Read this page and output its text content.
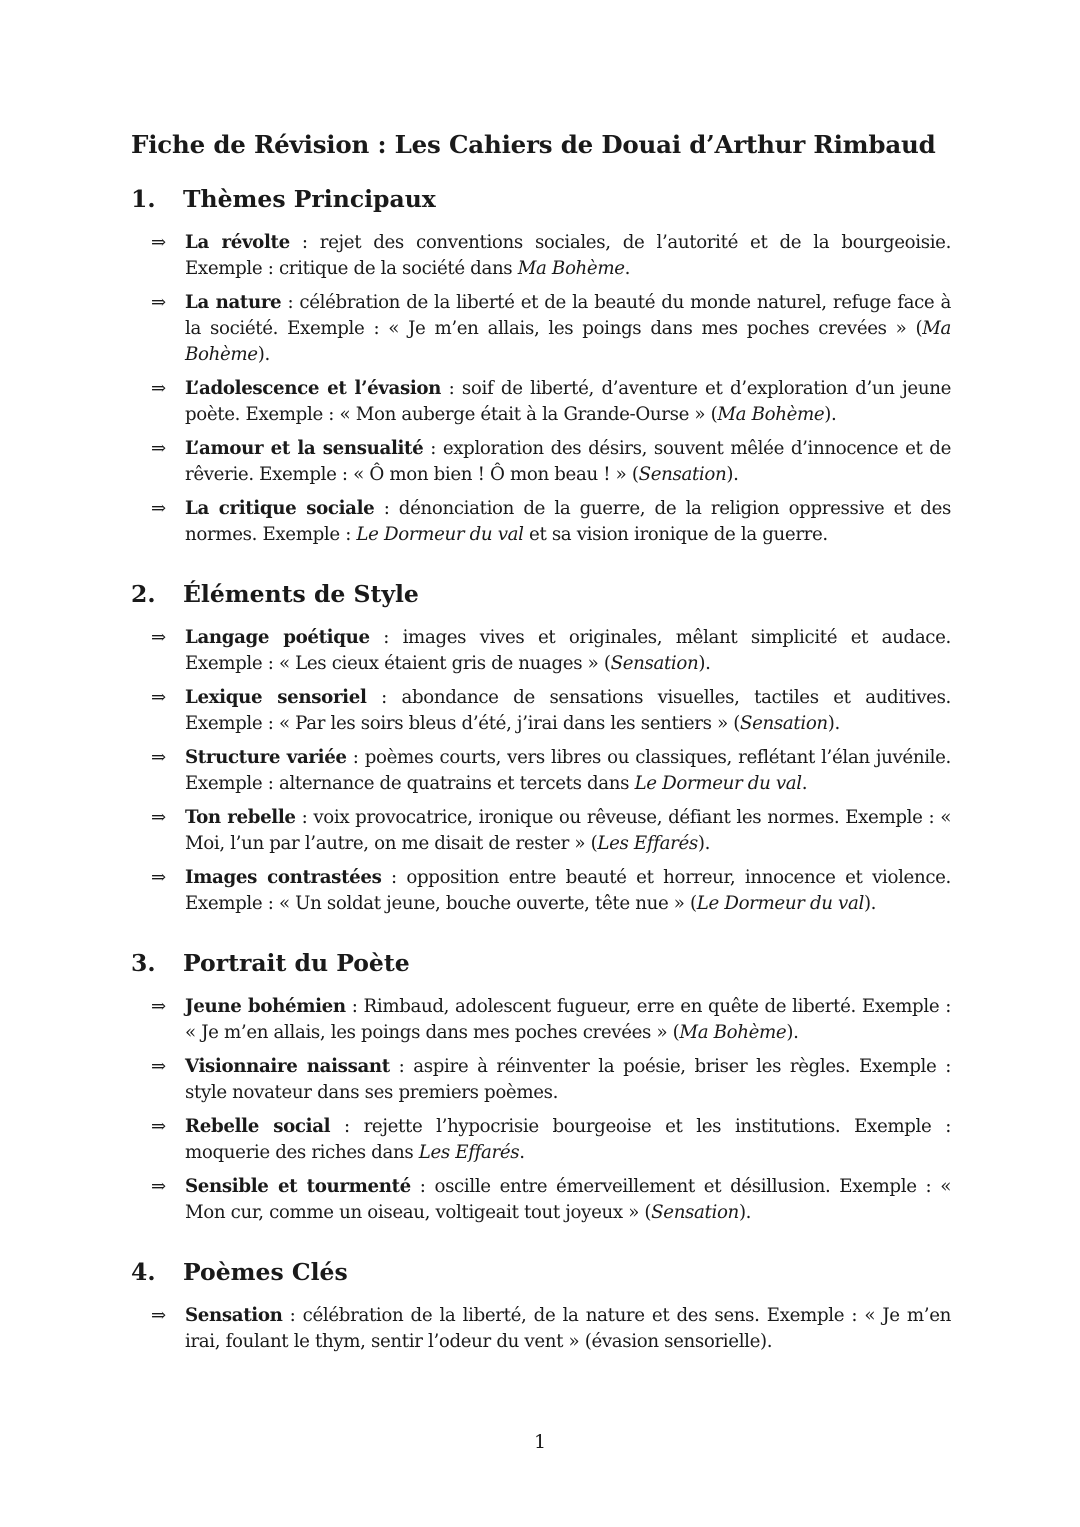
Fiche de Révision : Les Cahiers de Douai d’Arthur Rimbaud
1.	Thèmes Principaux
⇒ La révolte : rejet des conventions sociales, de l’autorité et de la bourgeoisie. Exemple : critique de la société dans Ma Bohème.
⇒ La nature : célébration de la liberté et de la beauté du monde naturel, refuge face à la société. Exemple : « Je m’en allais, les poings dans mes poches crevées » (Ma Bohème).
⇒ L’adolescence et l’évasion : soif de liberté, d’aventure et d’exploration d’un jeune poète. Exemple : « Mon auberge était à la Grande-Ourse » (Ma Bohème).
⇒ L’amour et la sensualité : exploration des désirs, souvent mêlée d’innocence et de rêverie. Exemple : « Ô mon bien ! Ô mon beau ! » (Sensation).
⇒ La critique sociale : dénonciation de la guerre, de la religion oppressive et des normes. Exemple : Le Dormeur du val et sa vision ironique de la guerre.
2.	Éléments de Style
⇒ Langage poétique : images vives et originales, mêlant simplicité et audace. Exemple : « Les cieux étaient gris de nuages » (Sensation).
⇒ Lexique sensoriel : abondance de sensations visuelles, tactiles et auditives. Exemple : « Par les soirs bleus d’été, j’irai dans les sentiers » (Sensation).
⇒ Structure variée : poèmes courts, vers libres ou classiques, reflétant l’élan juvénile. Exemple : alternance de quatrains et tercets dans Le Dormeur du val.
⇒ Ton rebelle : voix provocatrice, ironique ou rêveuse, défiant les normes. Exemple : « Moi, l’un par l’autre, on me disait de rester » (Les Effarés).
⇒ Images contrastées : opposition entre beauté et horreur, innocence et violence. Exemple : « Un soldat jeune, bouche ouverte, tête nue » (Le Dormeur du val).
3.	Portrait du Poète
⇒ Jeune bohémien : Rimbaud, adolescent fugueur, erre en quête de liberté. Exemple : « Je m’en allais, les poings dans mes poches crevées » (Ma Bohème).
⇒ Visionnaire naissant : aspire à réinventer la poésie, briser les règles. Exemple : style novateur dans ses premiers poèmes.
⇒ Rebelle social : rejette l’hypocrisie bourgeoise et les institutions. Exemple : moquerie des riches dans Les Effarés.
⇒ Sensible et tourmenté : oscille entre émerveillement et désillusion. Exemple : « Mon cur, comme un oiseau, voltigeait tout joyeux » (Sensation).
4.	Poèmes Clés
⇒ Sensation : célébration de la liberté, de la nature et des sens. Exemple : « Je m’en irai, foulant le thym, sentir l’odeur du vent » (évasion sensorielle).
1
